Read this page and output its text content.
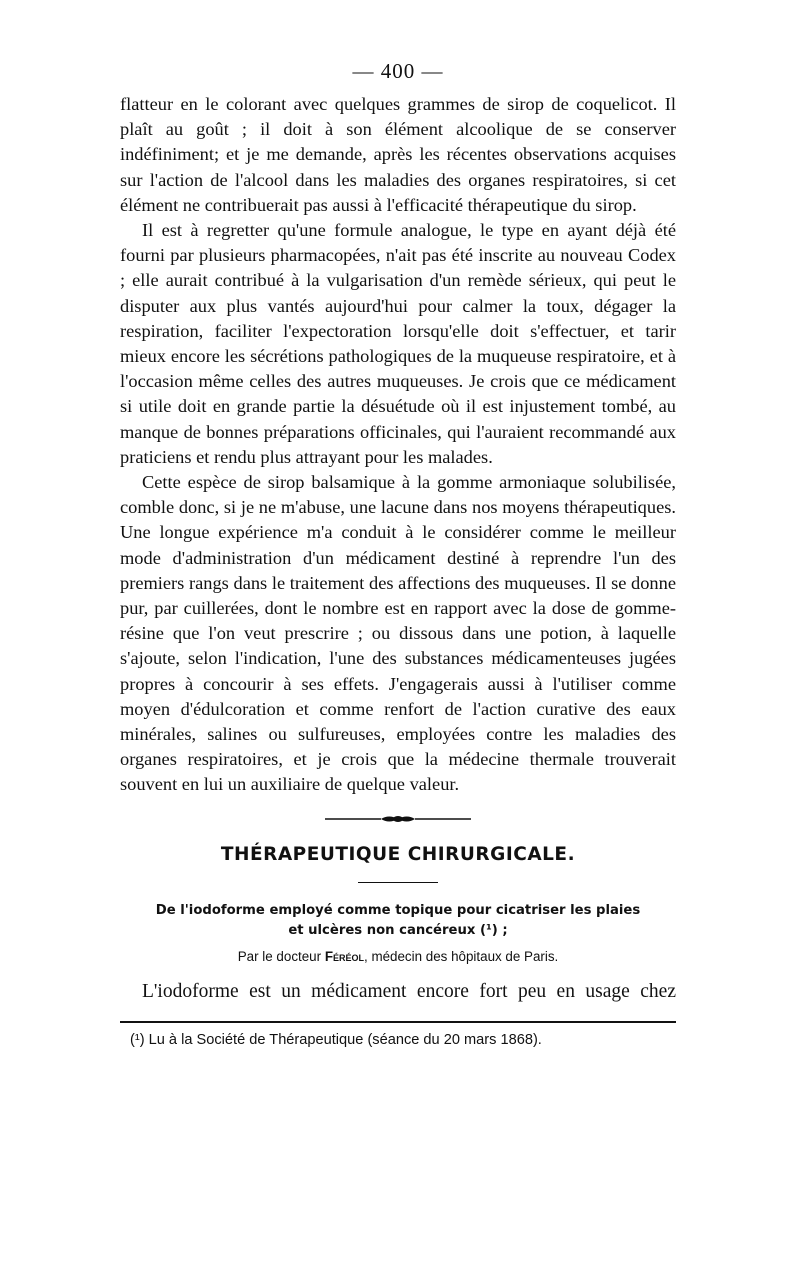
— 400 —

flatteur en le colorant avec quelques grammes de sirop de coquelicot. Il plaît au goût ; il doit à son élément alcoolique de se conserver indéfiniment; et je me demande, après les récentes observations acquises sur l'action de l'alcool dans les maladies des organes respiratoires, si cet élément ne contribuerait pas aussi à l'efficacité thérapeutique du sirop.

Il est à regretter qu'une formule analogue, le type en ayant déjà été fourni par plusieurs pharmacopées, n'ait pas été inscrite au nouveau Codex ; elle aurait contribué à la vulgarisation d'un remède sérieux, qui peut le disputer aux plus vantés aujourd'hui pour calmer la toux, dégager la respiration, faciliter l'expectoration lorsqu'elle doit s'effectuer, et tarir mieux encore les sécrétions pathologiques de la muqueuse respiratoire, et à l'occasion même celles des autres muqueuses. Je crois que ce médicament si utile doit en grande partie la désuétude où il est injustement tombé, au manque de bonnes préparations officinales, qui l'auraient recommandé aux praticiens et rendu plus attrayant pour les malades.

Cette espèce de sirop balsamique à la gomme armoniaque solubilisée, comble donc, si je ne m'abuse, une lacune dans nos moyens thérapeutiques. Une longue expérience m'a conduit à le considérer comme le meilleur mode d'administration d'un médicament destiné à reprendre l'un des premiers rangs dans le traitement des affections des muqueuses. Il se donne pur, par cuillerées, dont le nombre est en rapport avec la dose de gomme-résine que l'on veut prescrire ; ou dissous dans une potion, à laquelle s'ajoute, selon l'indication, l'une des substances médicamenteuses jugées propres à concourir à ses effets. J'engagerais aussi à l'utiliser comme moyen d'édulcoration et comme renfort de l'action curative des eaux minérales, salines ou sulfureuses, employées contre les maladies des organes respiratoires, et je crois que la médecine thermale trouverait souvent en lui un auxiliaire de quelque valeur.

THÉRAPEUTIQUE CHIRURGICALE.

De l'iodoforme employé comme topique pour cicatriser les plaies
et ulcères non cancéreux (¹) ;

Par le docteur Féréol, médecin des hôpitaux de Paris.

L'iodoforme est un médicament encore fort peu en usage chez

(¹) Lu à la Société de Thérapeutique (séance du 20 mars 1868).
